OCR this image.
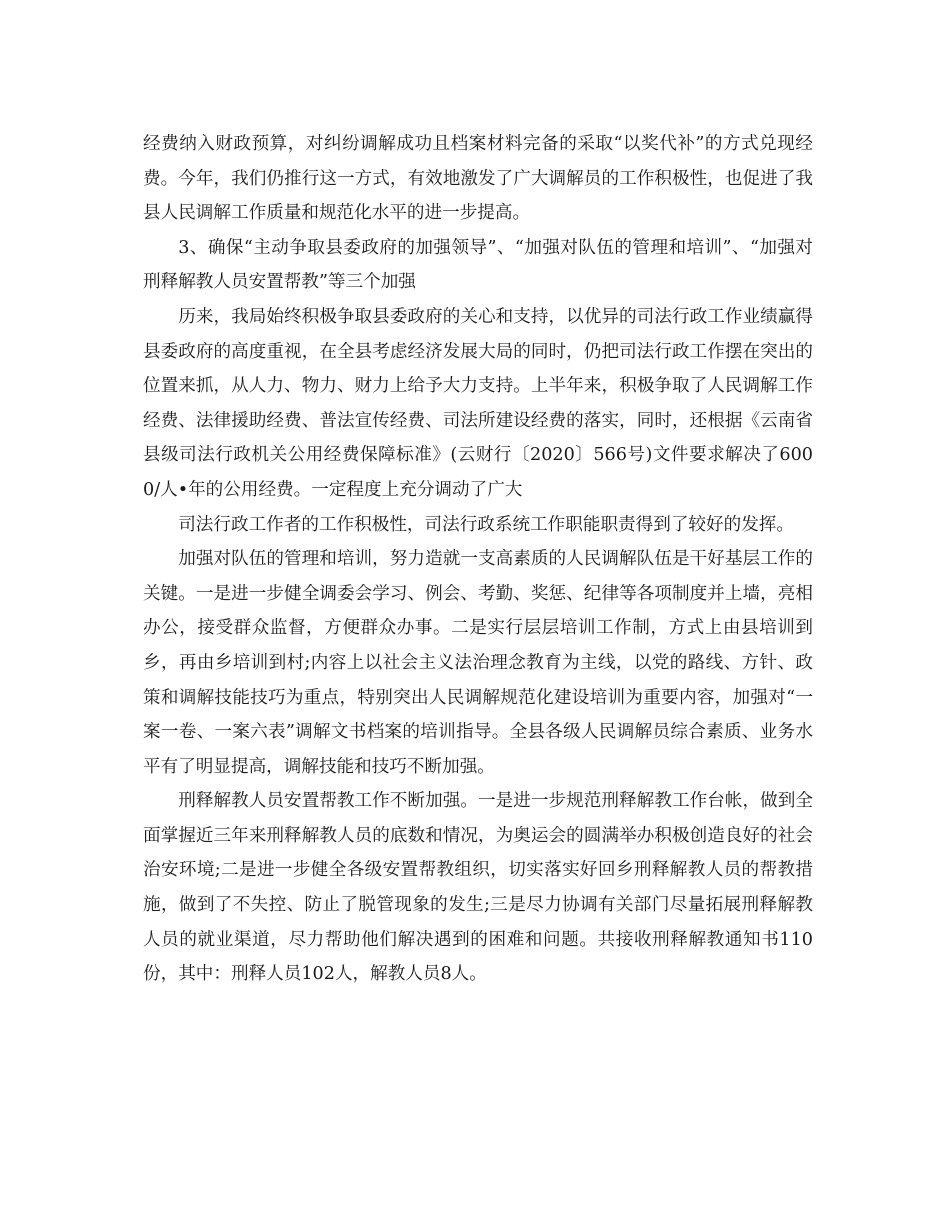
经费纳入财政预算，对纠纷调解成功且档案材料完备的采取“以奖代补”的方式兑现经费。今年，我们仍推行这一方式，有效地激发了广大调解员的工作积极性，也促进了我县人民调解工作质量和规范化水平的进一步提高。

3、确保“主动争取县委政府的加强领导”、“加强对队伍的管理和培训”、“加强对刑释解教人员安置帮教”等三个加强

历来，我局始终积极争取县委政府的关心和支持，以优异的司法行政工作业绩赢得县委政府的高度重视，在全县考虑经济发展大局的同时，仍把司法行政工作摆在突出的位置来抓，从人力、物力、财力上给予大力支持。上半年来，积极争取了人民调解工作经费、法律援助经费、普法宣传经费、司法所建设经费的落实，同时，还根据《云南省县级司法行政机关公用经费保障标准》(云财行〔2020〕566号)文件要求解决了6000/人•年的公用经费。一定程度上充分调动了广大

司法行政工作者的工作积极性，司法行政系统工作职能职责得到了较好的发挥。

加强对队伍的管理和培训，努力造就一支高素质的人民调解队伍是干好基层工作的关键。一是进一步健全调委会学习、例会、考勤、奖惩、纪律等各项制度并上墙，亮相办公，接受群众监督，方便群众办事。二是实行层层培训工作制，方式上由县培训到乡，再由乡培训到村;内容上以社会主义法治理念教育为主线，以党的路线、方针、政策和调解技能技巧为重点，特别突出人民调解规范化建设培训为重要内容，加强对“一案一卷、一案六表”调解文书档案的培训指导。全县各级人民调解员综合素质、业务水平有了明显提高，调解技能和技巧不断加强。

刑释解教人员安置帮教工作不断加强。一是进一步规范刑释解教工作台帐，做到全面掌握近三年来刑释解教人员的底数和情况，为奥运会的圆满举办积极创造良好的社会治安环境;二是进一步健全各级安置帮教组织，切实落实好回乡刑释解教人员的帮教措施，做到了不失控、防止了脱管现象的发生;三是尽力协调有关部门尽量拓展刑释解教人员的就业渠道，尽力帮助他们解决遇到的困难和问题。共接收刑释解教通知书110份，其中：刑释人员102人，解教人员8人。
